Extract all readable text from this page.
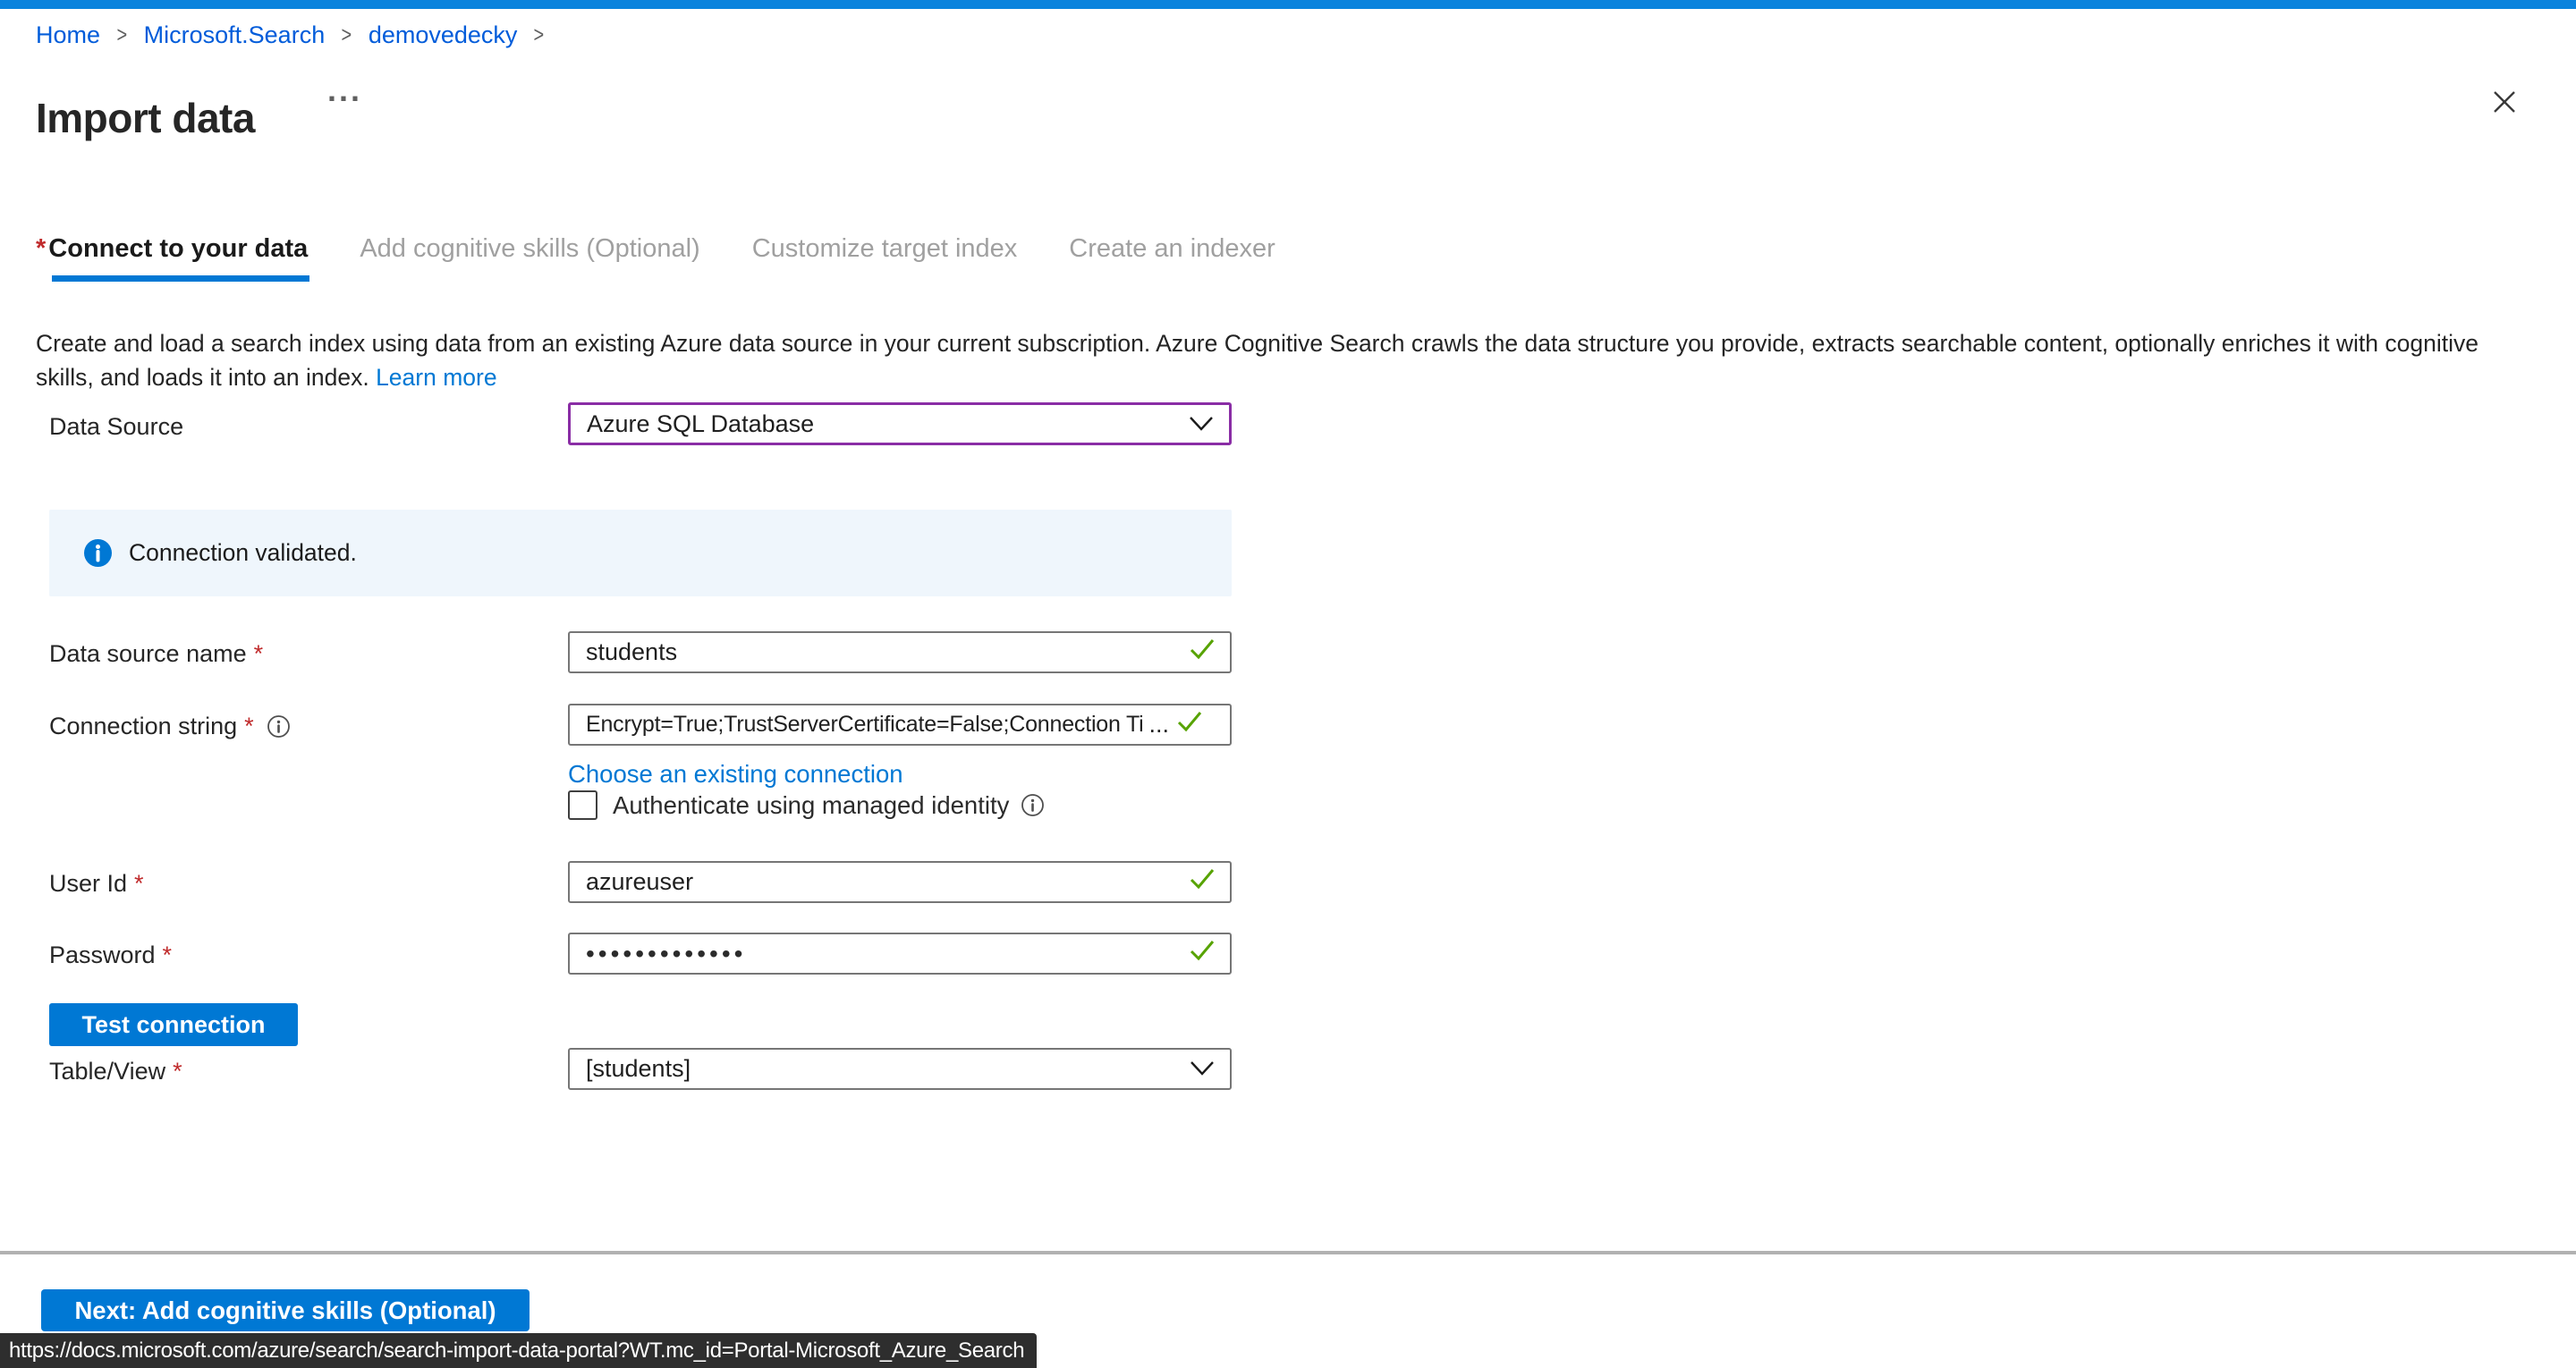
Home > Microsoft.Search > demovedecky >
Import data
...
* Connect to your data Add cognitive skills (Optional) Customize target index Create an indexer

Create and load a search index using data from an existing Azure data source in your current subscription. Azure Cognitive Search crawls the data structure you provide, extracts searchable content, optionally enriches it with cognitive skills, and loads it into an index. Learn more

Data Source	Azure SQL Database
Connection validated.
Data source name *	students
Connection string *	Encrypt=True;TrustServerCertificate=False;Connection Ti ...
Choose an existing connection
Authenticate using managed identity
User Id *	azureuser
Password *	•••••••••••••
Test connection
Table/View *	[students]
Next: Add cognitive skills (Optional)
https://docs.microsoft.com/azure/search/search-import-data-portal?WT.mc_id=Portal-Microsoft_Azure_Search
